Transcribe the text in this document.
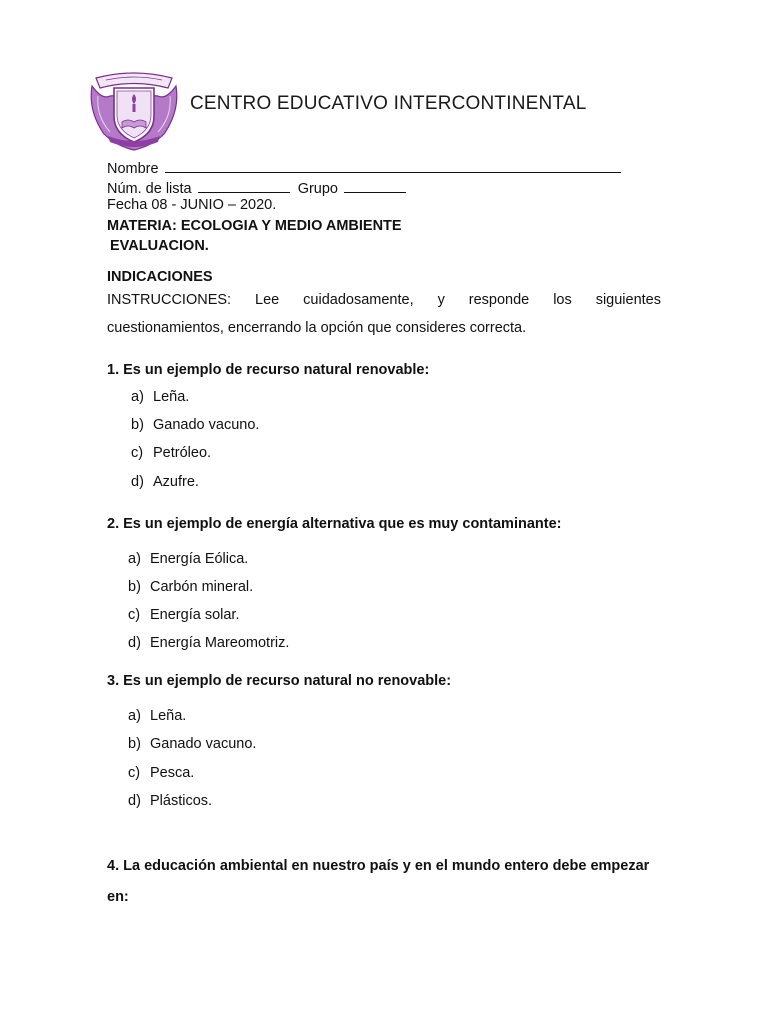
CENTRO EDUCATIVO INTERCONTINENTAL
Nombre
Núm. de lista	Grupo
Fecha 08 - JUNIO – 2020.
MATERIA: ECOLOGIA Y MEDIO AMBIENTE
EVALUACION.
INDICACIONES
INSTRUCCIONES: Lee cuidadosamente, y responde los siguientes
cuestionamientos, encerrando la opción que consideres correcta.
1. Es un ejemplo de recurso natural renovable:
a) Leña.
b) Ganado vacuno.
c) Petróleo.
d) Azufre.
2. Es un ejemplo de energía alternativa que es muy contaminante:
a) Energía Eólica.
b) Carbón mineral.
c) Energía solar.
d) Energía Mareomotriz.
3. Es un ejemplo de recurso natural no renovable:
a) Leña.
b) Ganado vacuno.
c) Pesca.
d) Plásticos.
4. La educación ambiental en nuestro país y en el mundo entero debe empezar en:
